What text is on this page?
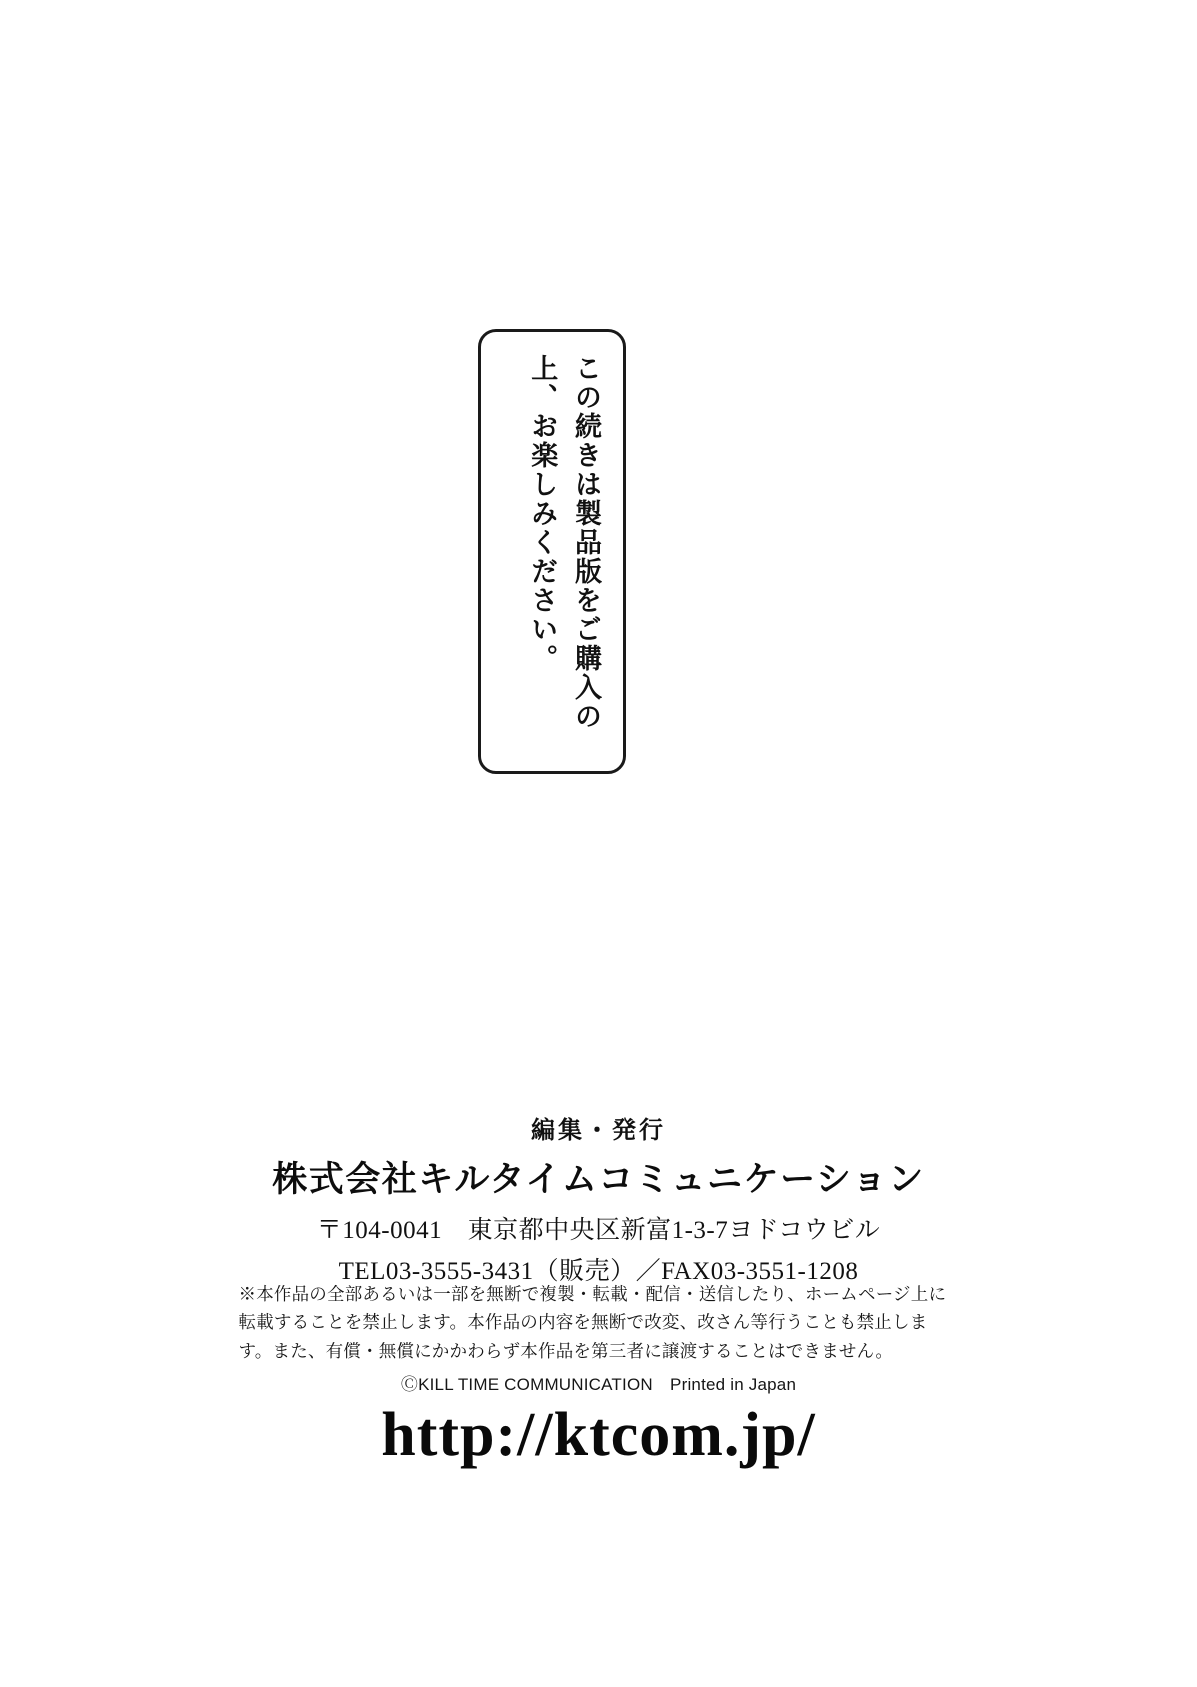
この続きは製品版をご購入の上、お楽しみください。
編集・発行
株式会社キルタイムコミュニケーション
〒104-0041　東京都中央区新富1-3-7ヨドコウビル
TEL03-3555-3431（販売）／FAX03-3551-1208
※本作品の全部あるいは一部を無断で複製・転載・配信・送信したり、ホームページ上に転載することを禁止します。本作品の内容を無断で改変、改さん等行うことも禁止します。また、有償・無償にかかわらず本作品を第三者に譲渡することはできません。
ⒸKILL TIME COMMUNICATION　Printed in Japan
http://ktcom.jp/
